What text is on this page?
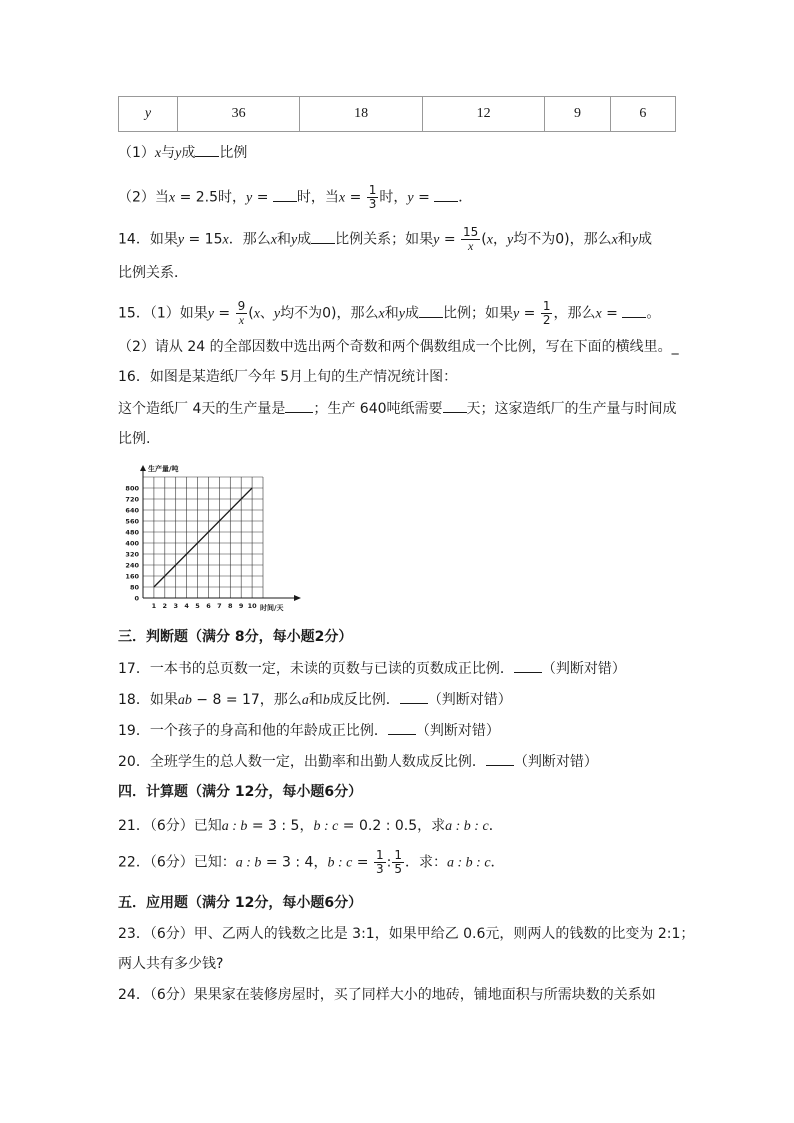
y	36	18	12	9	6
（1）x与y成 比例
（2）当x = 2.5时，y = 时，当$x = \frac{1}{3}$ 时，y = ．
14．如果y = 15x．那么x和y成 比例关系；如果$y = \frac{15}{x} (x$，y均不为0)，那么x和y成
比例关系．
15．（1）如果$y = \frac{9}{x} (x$、y均不为0)，那么x和y成 比例；如果$y = \frac{1}{2}$ ，那么x = 。
（2）请从 24 的全部因数中选出两个奇数和两个偶数组成一个比例，写在下面的横线里。_
16．如图是某造纸厂今年 5月上旬的生产情况统计图：
这个造纸厂 4天的生产量是 ；生产 640吨纸需要 天；这家造纸厂的生产量与时间成
比例.
0
80
160
240
320
400
480
560
640
720
800
1 2 3 4 5 6 7 8 9 10
生产量/吨
时间/天
三．判断题（满分 8分，每小题2分）
17．一本书的总页数一定，未读的页数与已读的页数成正比例． （判断对错）
18．如果ab − 8 = 17，那么a和b成反比例． （判断对错）
19．一个孩子的身高和他的年龄成正比例． （判断对错）
20．全班学生的总人数一定，出勤率和出勤人数成反比例． （判断对错）
四．计算题（满分 12分，每小题6分）
21．（6分）已知a : b = 3 : 5，b : c = 0.2 : 0.5，求a : b : c．
22．（6分）已知：a : b = 3 : 4，b : $c = \frac{1}{3}$ : $\frac{1}{5}$ ．求：a : b : c．
五．应用题（满分 12分，每小题6分）
23．（6分）甲、乙两人的钱数之比是 3:1，如果甲给乙 0.6元，则两人的钱数的比变为 2:1；
两人共有多少钱?
24．（6分）果果家在装修房屋时，买了同样大小的地砖，铺地面积与所需块数的关系如
